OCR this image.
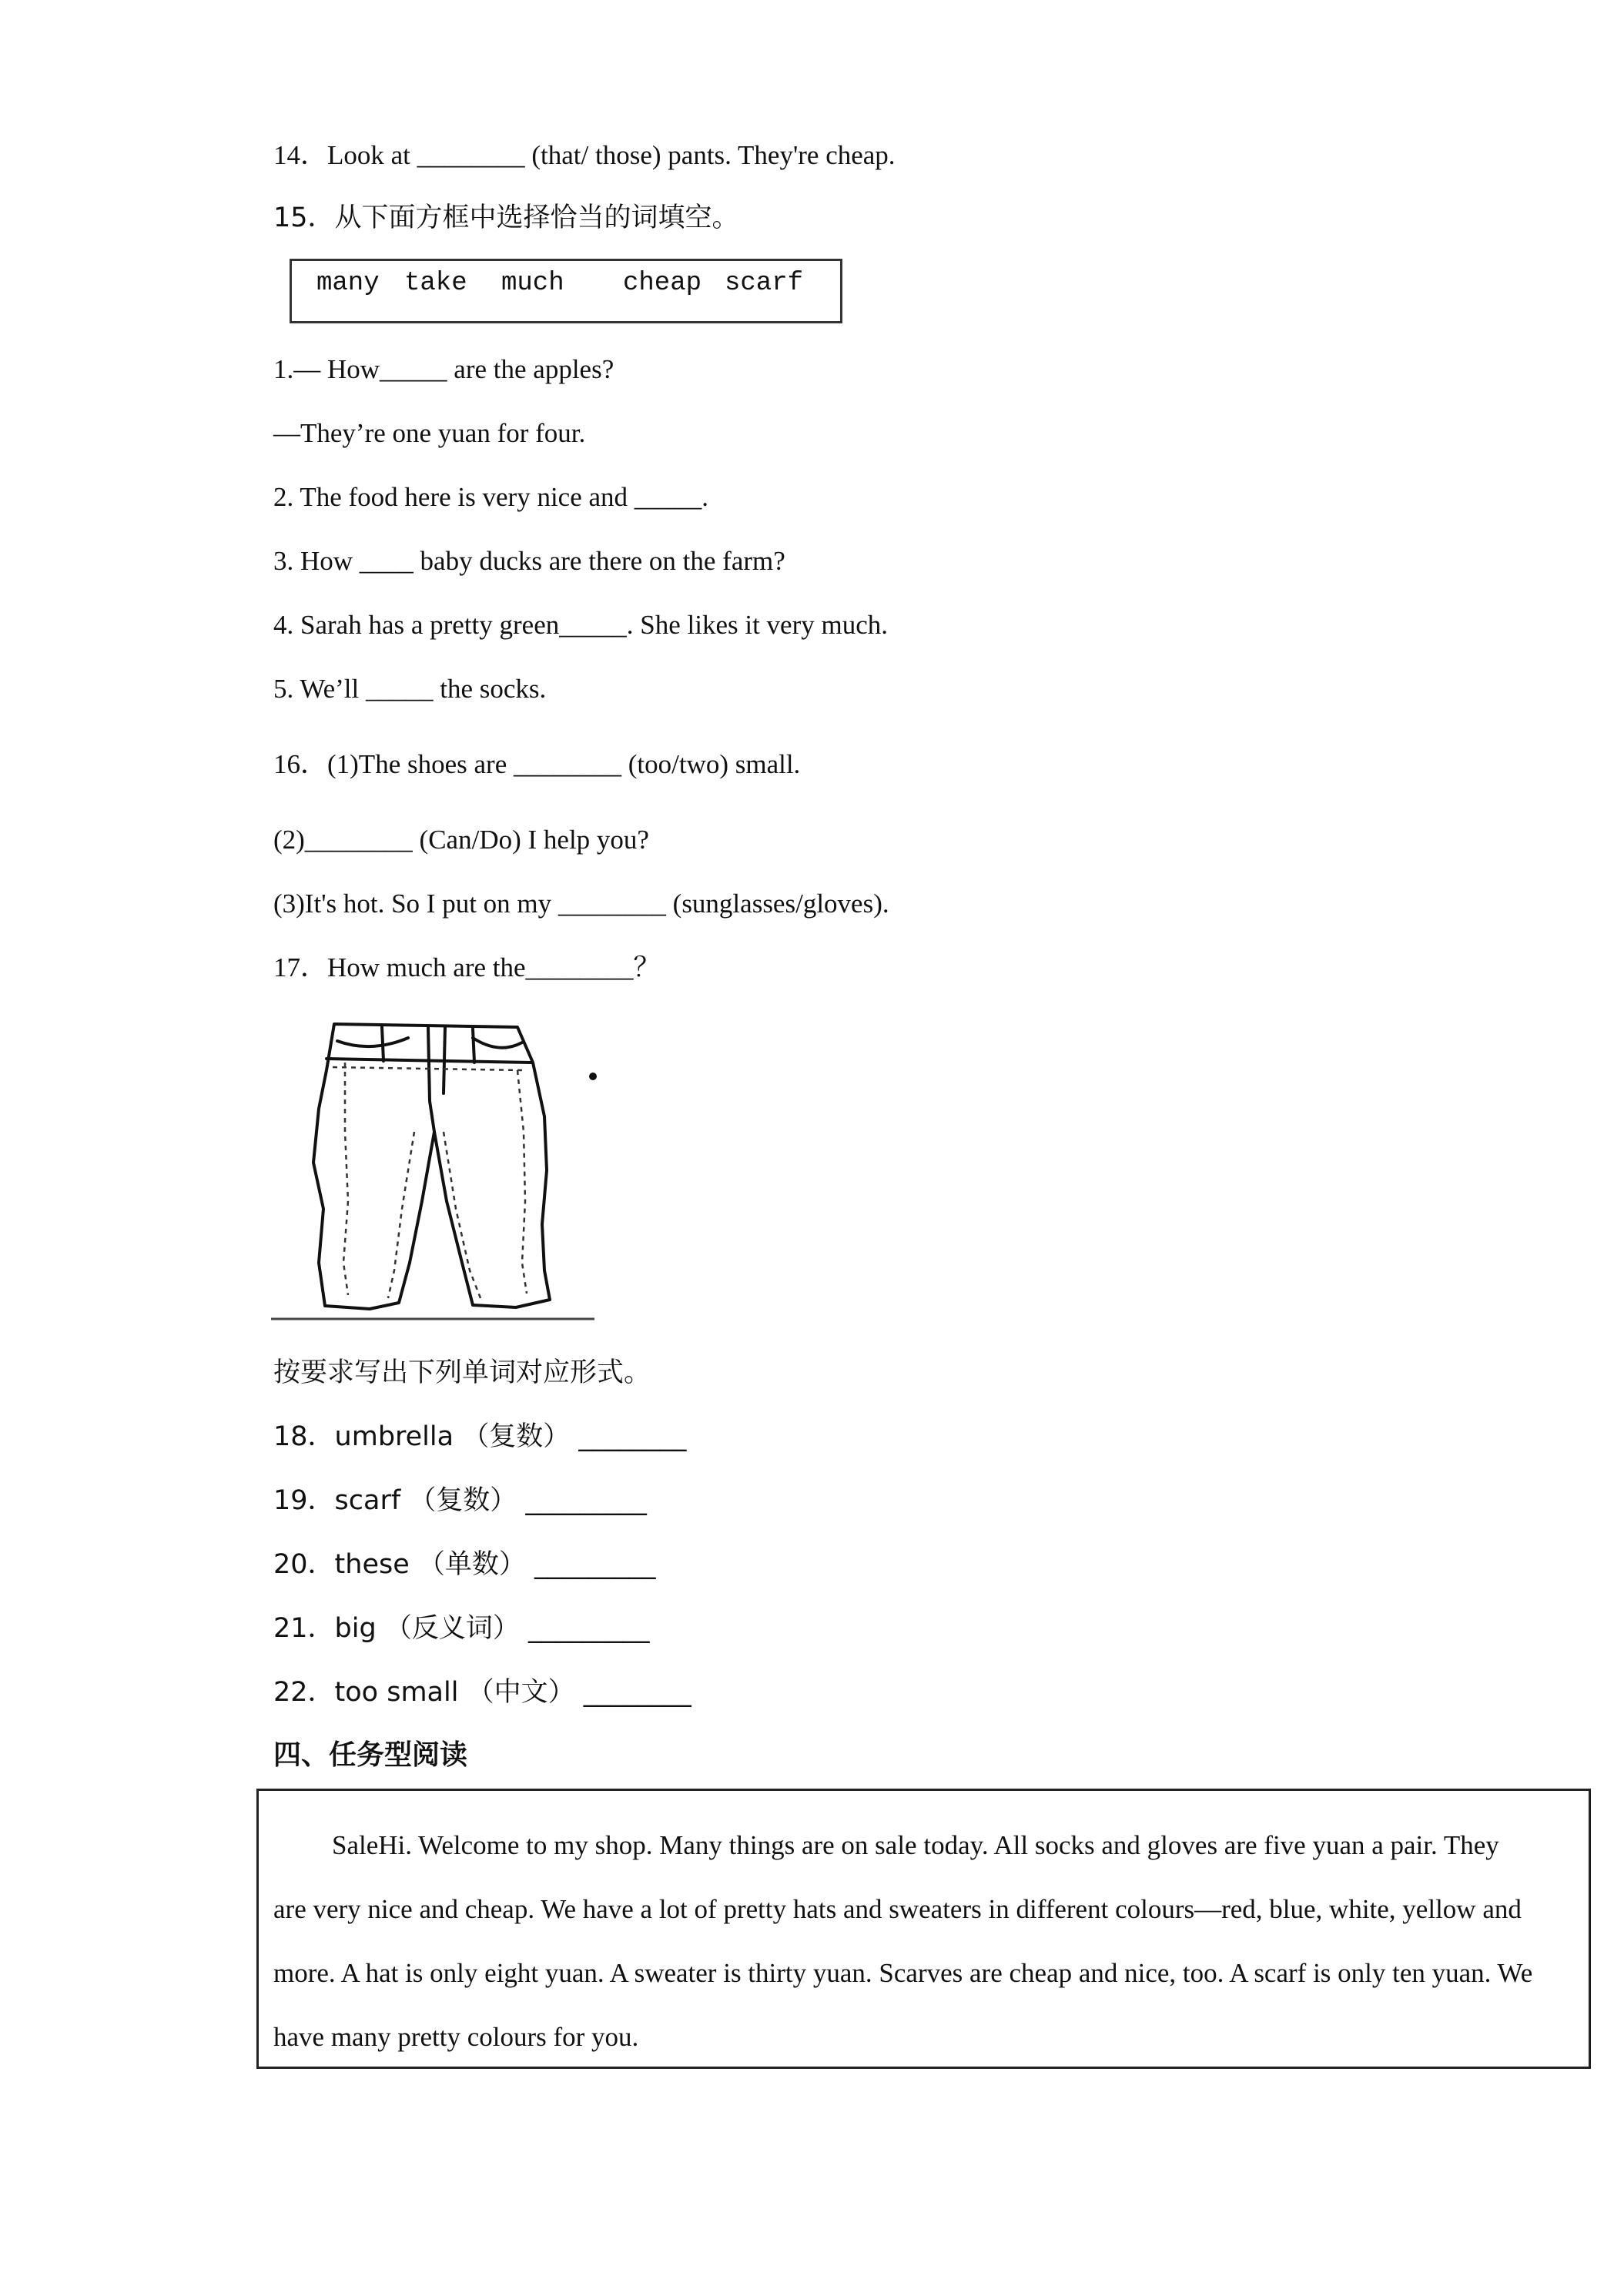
14．Look at ________ (that/ those) pants. They're cheap.
15．从下面方框中选择恰当的词填空。
many take much cheap scarf
1.— How_____ are the apples?
—They’re one yuan for four.
2. The food here is very nice and _____.
3. How ____ baby ducks are there on the farm?
4. Sarah has a pretty green_____. She likes it very much.
5. We’ll _____ the socks.
16．(1)The shoes are ________ (too/two) small.
(2)________ (Can/Do) I help you?
(3)It's hot. So I put on my ________ (sunglasses/gloves).
17．How much are the________？
按要求写出下列单词对应形式。
18．umbrella （复数） ________
19．scarf （复数） _________
20．these （单数） _________
21．big （反义词） _________
22．too small （中文） ________
四、任务型阅读
SaleHi. Welcome to my shop. Many things are on sale today. All socks and gloves are five yuan a pair. They are very nice and cheap. We have a lot of pretty hats and sweaters in different colours—red, blue, white, yellow and more. A hat is only eight yuan. A sweater is thirty yuan. Scarves are cheap and nice, too. A scarf is only ten yuan. We have many pretty colours for you.
